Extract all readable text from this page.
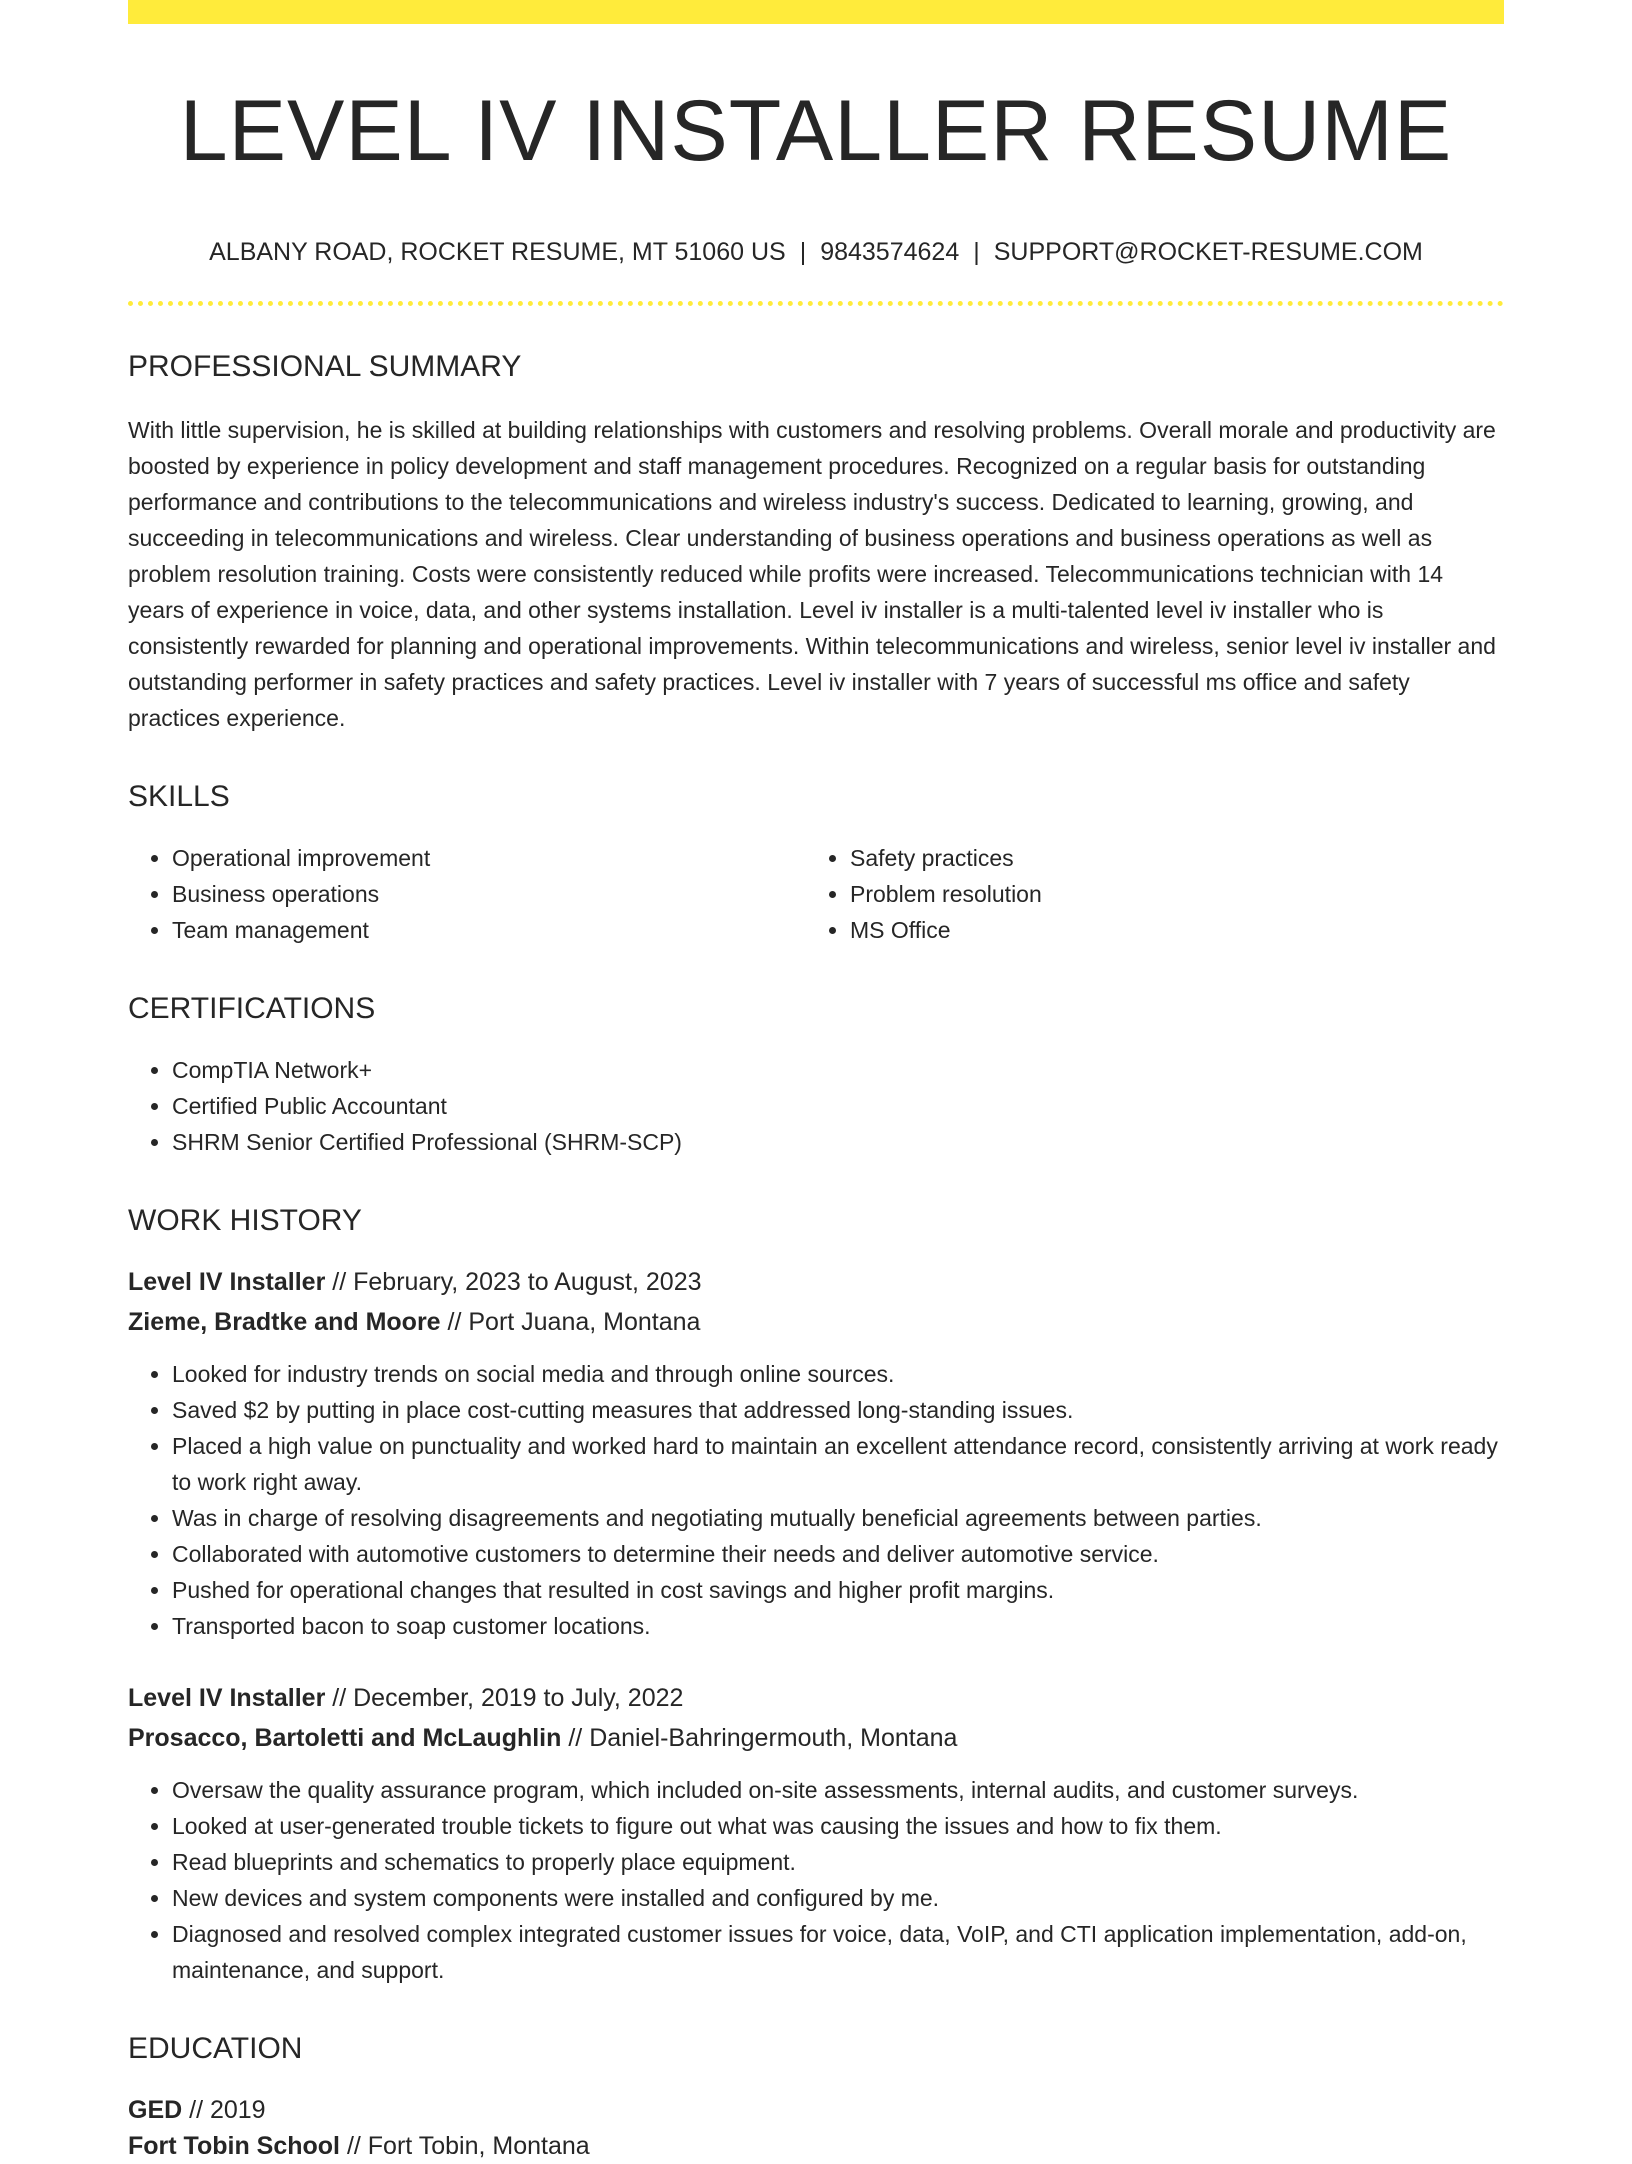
LEVEL IV INSTALLER RESUME
ALBANY ROAD, ROCKET RESUME, MT 51060 US | 9843574624 | SUPPORT@ROCKET-RESUME.COM
PROFESSIONAL SUMMARY

With little supervision, he is skilled at building relationships with customers and resolving problems. Overall morale and productivity are boosted by experience in policy development and staff management procedures. Recognized on a regular basis for outstanding performance and contributions to the telecommunications and wireless industry's success. Dedicated to learning, growing, and succeeding in telecommunications and wireless. Clear understanding of business operations and business operations as well as problem resolution training. Costs were consistently reduced while profits were increased. Telecommunications technician with 14 years of experience in voice, data, and other systems installation. Level iv installer is a multi-talented level iv installer who is consistently rewarded for planning and operational improvements. Within telecommunications and wireless, senior level iv installer and outstanding performer in safety practices and safety practices. Level iv installer with 7 years of successful ms office and safety practices experience.

SKILLS
• Operational improvement
• Business operations
• Team management
• Safety practices
• Problem resolution
• MS Office
CERTIFICATIONS
• CompTIA Network+
• Certified Public Accountant
• SHRM Senior Certified Professional (SHRM-SCP)
WORK HISTORY
Level IV Installer // February, 2023 to August, 2023
Zieme, Bradtke and Moore // Port Juana, Montana
• Looked for industry trends on social media and through online sources.
• Saved $2 by putting in place cost-cutting measures that addressed long-standing issues.
• Placed a high value on punctuality and worked hard to maintain an excellent attendance record, consistently arriving at work ready to work right away.
• Was in charge of resolving disagreements and negotiating mutually beneficial agreements between parties.
• Collaborated with automotive customers to determine their needs and deliver automotive service.
• Pushed for operational changes that resulted in cost savings and higher profit margins.
• Transported bacon to soap customer locations.
Level IV Installer // December, 2019 to July, 2022
Prosacco, Bartoletti and McLaughlin // Daniel-Bahringermouth, Montana
• Oversaw the quality assurance program, which included on-site assessments, internal audits, and customer surveys.
• Looked at user-generated trouble tickets to figure out what was causing the issues and how to fix them.
• Read blueprints and schematics to properly place equipment.
• New devices and system components were installed and configured by me.
• Diagnosed and resolved complex integrated customer issues for voice, data, VoIP, and CTI application implementation, add-on, maintenance, and support.
EDUCATION
GED // 2019
Fort Tobin School // Fort Tobin, Montana
